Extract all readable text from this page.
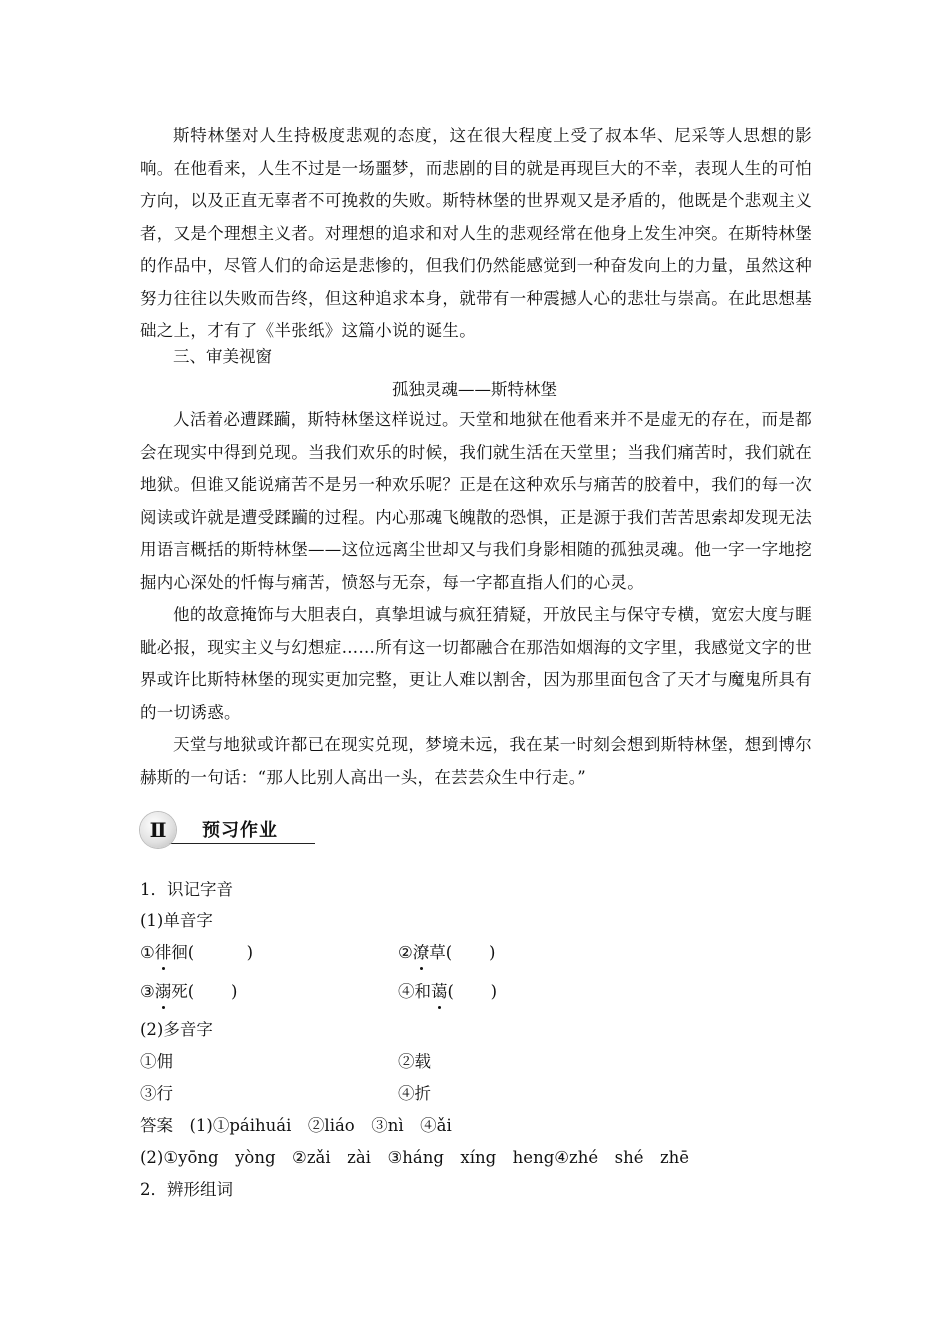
斯特林堡对人生持极度悲观的态度，这在很大程度上受了叔本华、尼采等人思想的影响。在他看来，人生不过是一场噩梦，而悲剧的目的就是再现巨大的不幸，表现人生的可怕方向，以及正直无辜者不可挽救的失败。斯特林堡的世界观又是矛盾的，他既是个悲观主义者，又是个理想主义者。对理想的追求和对人生的悲观经常在他身上发生冲突。在斯特林堡的作品中，尽管人们的命运是悲惨的，但我们仍然能感觉到一种奋发向上的力量，虽然这种努力往往以失败而告终，但这种追求本身，就带有一种震撼人心的悲壮与崇高。在此思想基础之上，才有了《半张纸》这篇小说的诞生。

三、审美视窗

孤独灵魂——斯特林堡

人活着必遭蹂躏，斯特林堡这样说过。天堂和地狱在他看来并不是虚无的存在，而是都会在现实中得到兑现。当我们欢乐的时候，我们就生活在天堂里；当我们痛苦时，我们就在地狱。但谁又能说痛苦不是另一种欢乐呢？正是在这种欢乐与痛苦的胶着中，我们的每一次阅读或许就是遭受蹂躏的过程。内心那魂飞魄散的恐惧，正是源于我们苦苦思索却发现无法用语言概括的斯特林堡——这位远离尘世却又与我们身影相随的孤独灵魂。他一字一字地挖掘内心深处的忏悔与痛苦，愤怒与无奈，每一字都直指人们的心灵。

他的故意掩饰与大胆表白，真挚坦诚与疯狂猜疑，开放民主与保守专横，宽宏大度与睚眦必报，现实主义与幻想症……所有这一切都融合在那浩如烟海的文字里，我感觉文字的世界或许比斯特林堡的现实更加完整，更让人难以割舍，因为那里面包含了天才与魔鬼所具有的一切诱惑。

天堂与地狱或许都已在现实兑现，梦境未远，我在某一时刻会想到斯特林堡，想到博尔赫斯的一句话：“那人比别人高出一头，在芸芸众生中行走。”

Ⅱ 预习作业

1．识记字音

(1)单音字

①徘徊(          )	②潦草(       )

③溺死(       )	④和蔼(       )

(2)多音字

①佣	②载

③行	④折

答案　(1)①páihuái　②liáo　③nì　④ǎi

(2)①yōng　yòng　②zǎi　zài　③háng　xíng　heng④zhé　shé　zhē

2．辨形组词
